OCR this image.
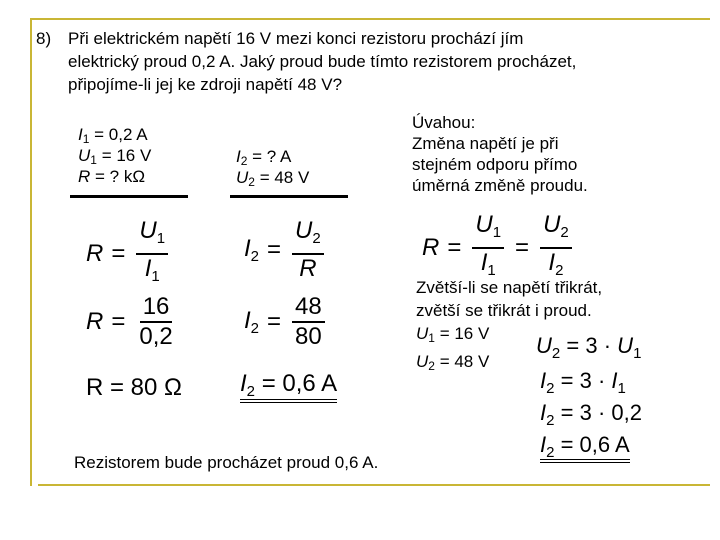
8) Při elektrickém napětí 16 V mezi konci rezistoru prochází jím
elektrický proud 0,2 A. Jaký proud bude tímto rezistorem procházet,
připojíme-li jej ke zdroji napětí 48 V?
I1 = 0,2 A
U1 = 16 V
R = ? kΩ
I2 = ? A
U2 = 48 V
Úvahou:
Změna napětí je při
stejném odporu přímo
úměrná změně proudu.
$R = \frac{U_1}{I_1}$
$R = \frac{16}{0,2}$
R = 80 Ω
$I_2 = \frac{U_2}{R}$
$I_2 = \frac{48}{80}$
$I_2 = 0,6$ A
$R = \frac{U_1}{I_1} = \frac{U_2}{I_2}$
Zvětší-li se napětí třikrát,
zvětší se třikrát i proud.
U1 = 16 V
U2 = 48 V
$U_2 = 3 \cdot U_1$
$I_2 = 3 \cdot I_1$
$I_2 = 3 \cdot 0,2$
$I_2 = 0,6$ A
Rezistorem bude procházet proud 0,6 A.
